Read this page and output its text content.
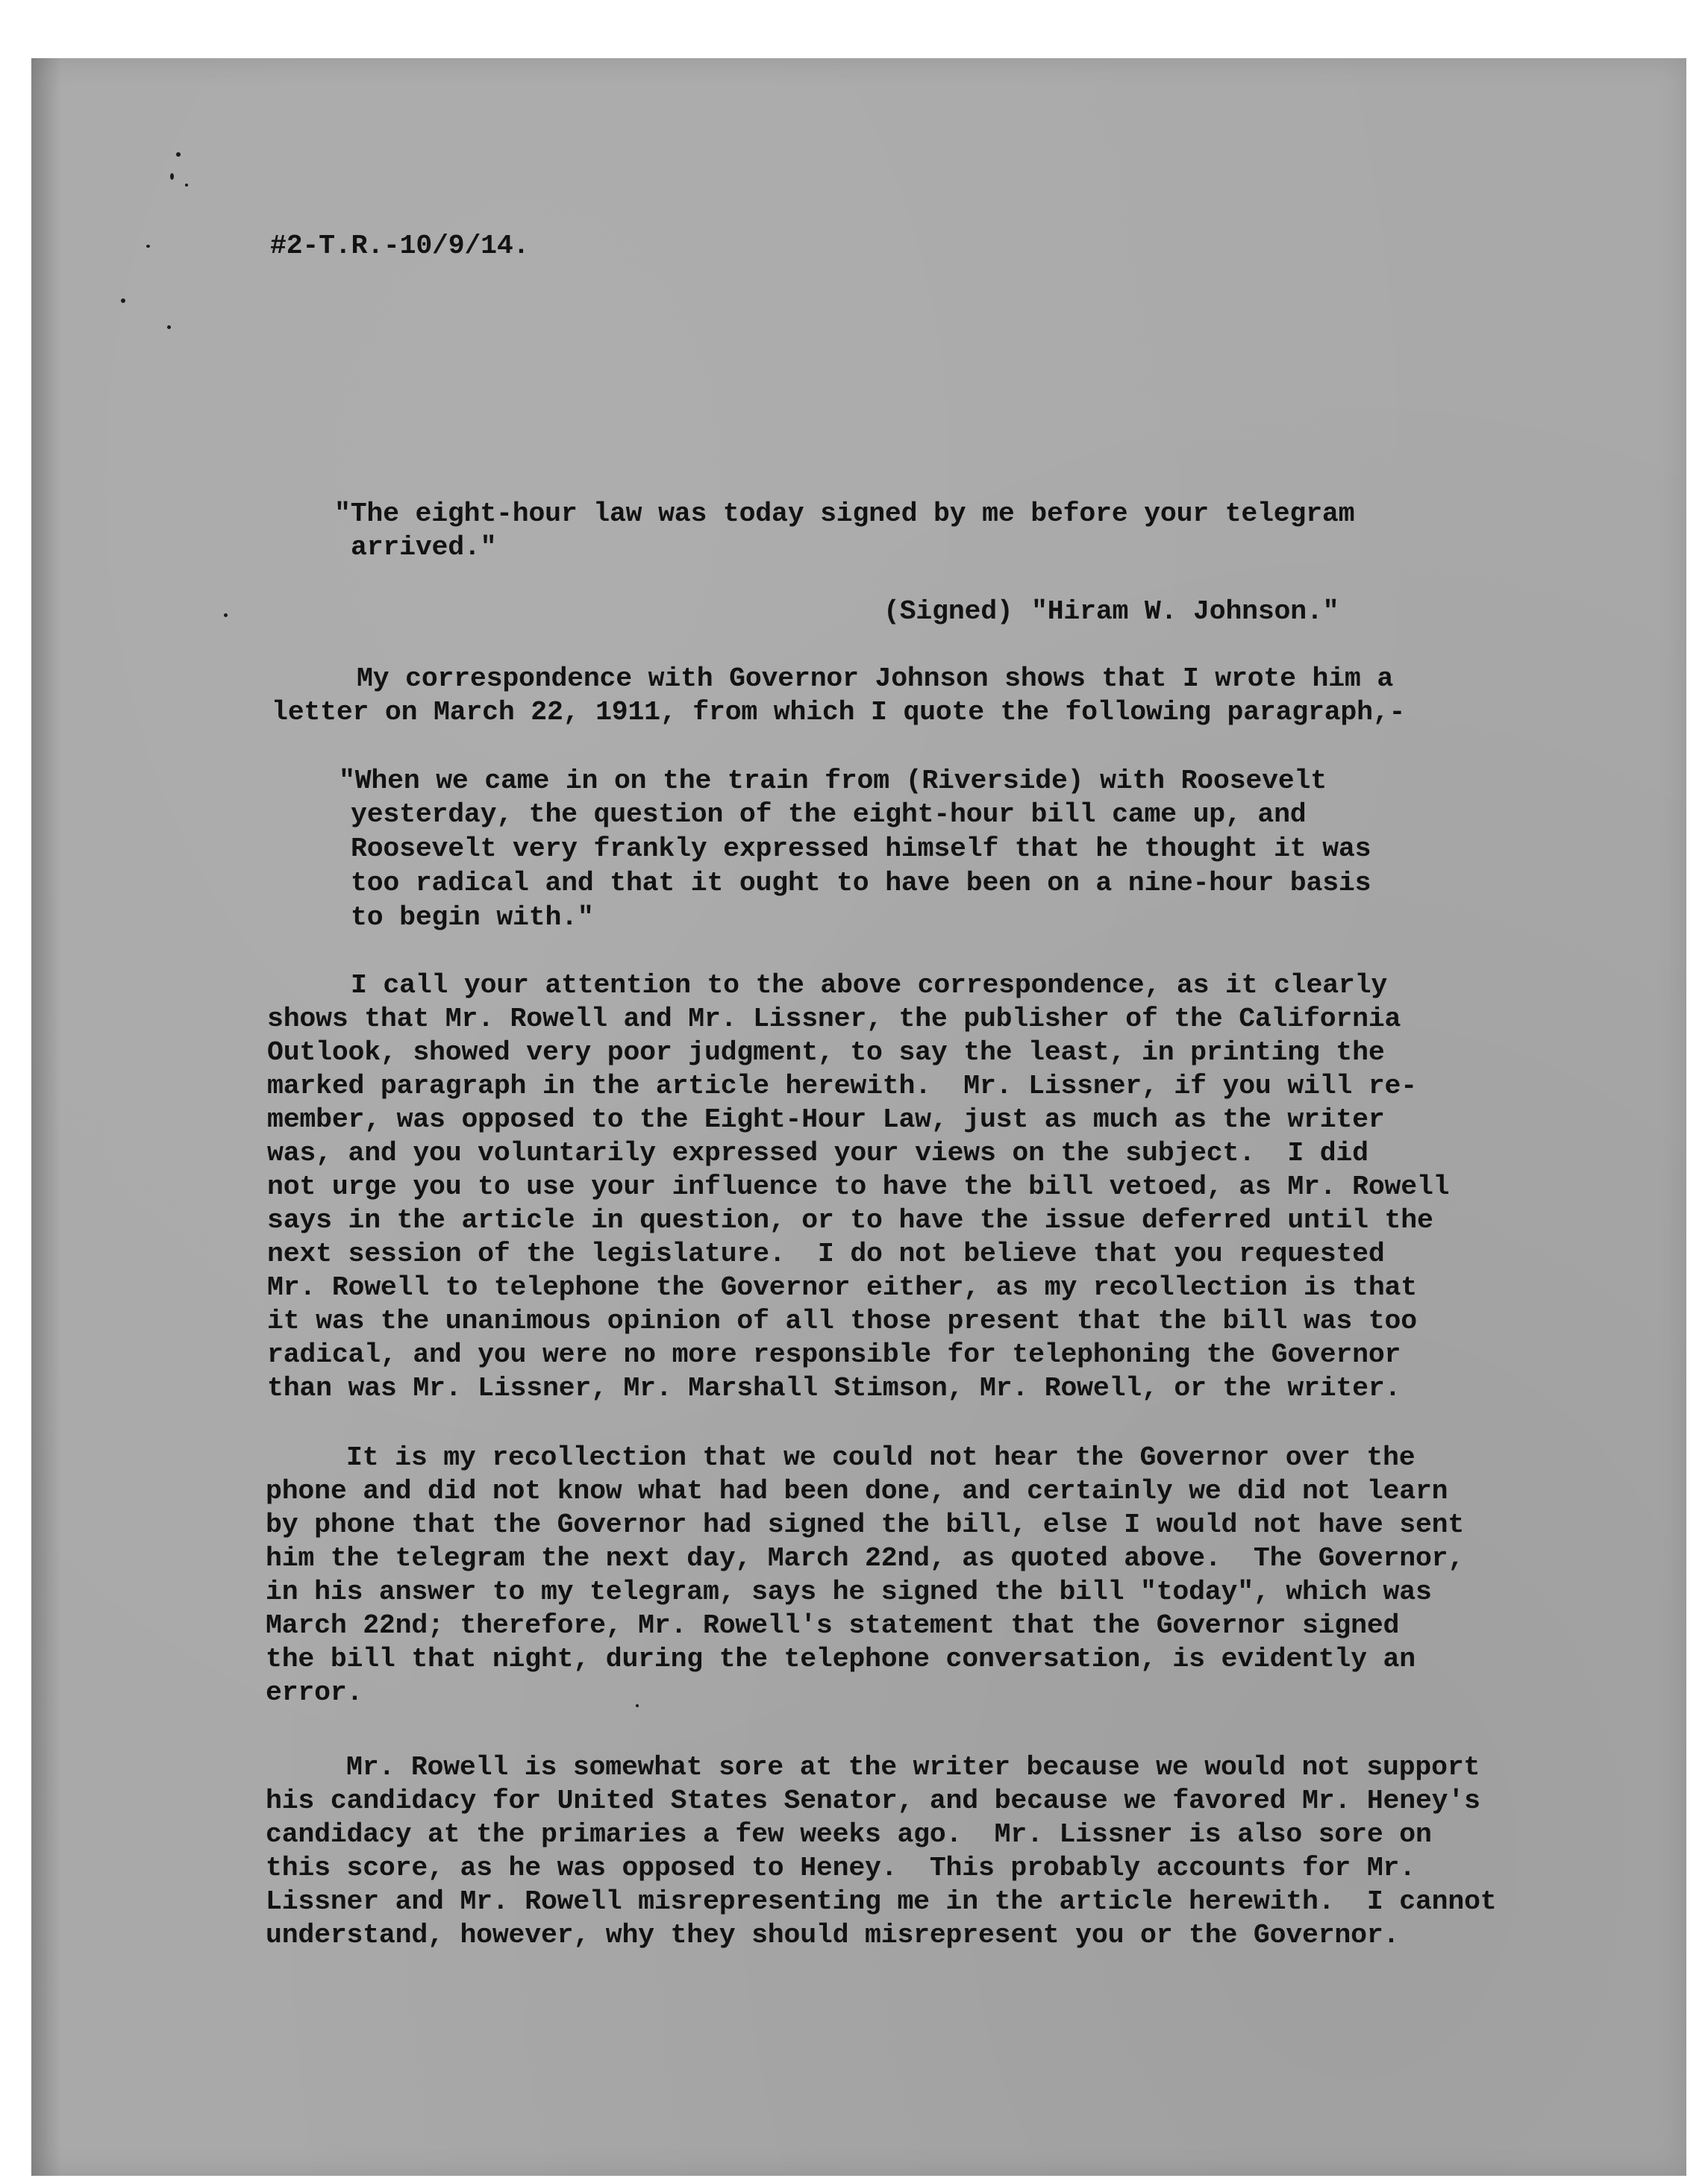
#2-T.R.-10/9/14.
"The eight-hour law was today signed by me before your telegram
arrived."
(Signed) "Hiram W. Johnson."
My correspondence with Governor Johnson shows that I wrote him a
letter on March 22, 1911, from which I quote the following paragraph,-
"When we came in on the train from (Riverside) with Roosevelt
yesterday, the question of the eight-hour bill came up, and
Roosevelt very frankly expressed himself that he thought it was
too radical and that it ought to have been on a nine-hour basis
to begin with."
I call your attention to the above correspondence, as it clearly
shows that Mr. Rowell and Mr. Lissner, the publisher of the California
Outlook, showed very poor judgment, to say the least, in printing the
marked paragraph in the article herewith.  Mr. Lissner, if you will re-
member, was opposed to the Eight-Hour Law, just as much as the writer
was, and you voluntarily expressed your views on the subject.  I did
not urge you to use your influence to have the bill vetoed, as Mr. Rowell
says in the article in question, or to have the issue deferred until the
next session of the legislature.  I do not believe that you requested
Mr. Rowell to telephone the Governor either, as my recollection is that
it was the unanimous opinion of all those present that the bill was too
radical, and you were no more responsible for telephoning the Governor
than was Mr. Lissner, Mr. Marshall Stimson, Mr. Rowell, or the writer.
It is my recollection that we could not hear the Governor over the
phone and did not know what had been done, and certainly we did not learn
by phone that the Governor had signed the bill, else I would not have sent
him the telegram the next day, March 22nd, as quoted above.  The Governor,
in his answer to my telegram, says he signed the bill "today", which was
March 22nd; therefore, Mr. Rowell's statement that the Governor signed
the bill that night, during the telephone conversation, is evidently an
error.
Mr. Rowell is somewhat sore at the writer because we would not support
his candidacy for United States Senator, and because we favored Mr. Heney's
candidacy at the primaries a few weeks ago.  Mr. Lissner is also sore on
this score, as he was opposed to Heney.  This probably accounts for Mr.
Lissner and Mr. Rowell misrepresenting me in the article herewith.  I cannot
understand, however, why they should misrepresent you or the Governor.
